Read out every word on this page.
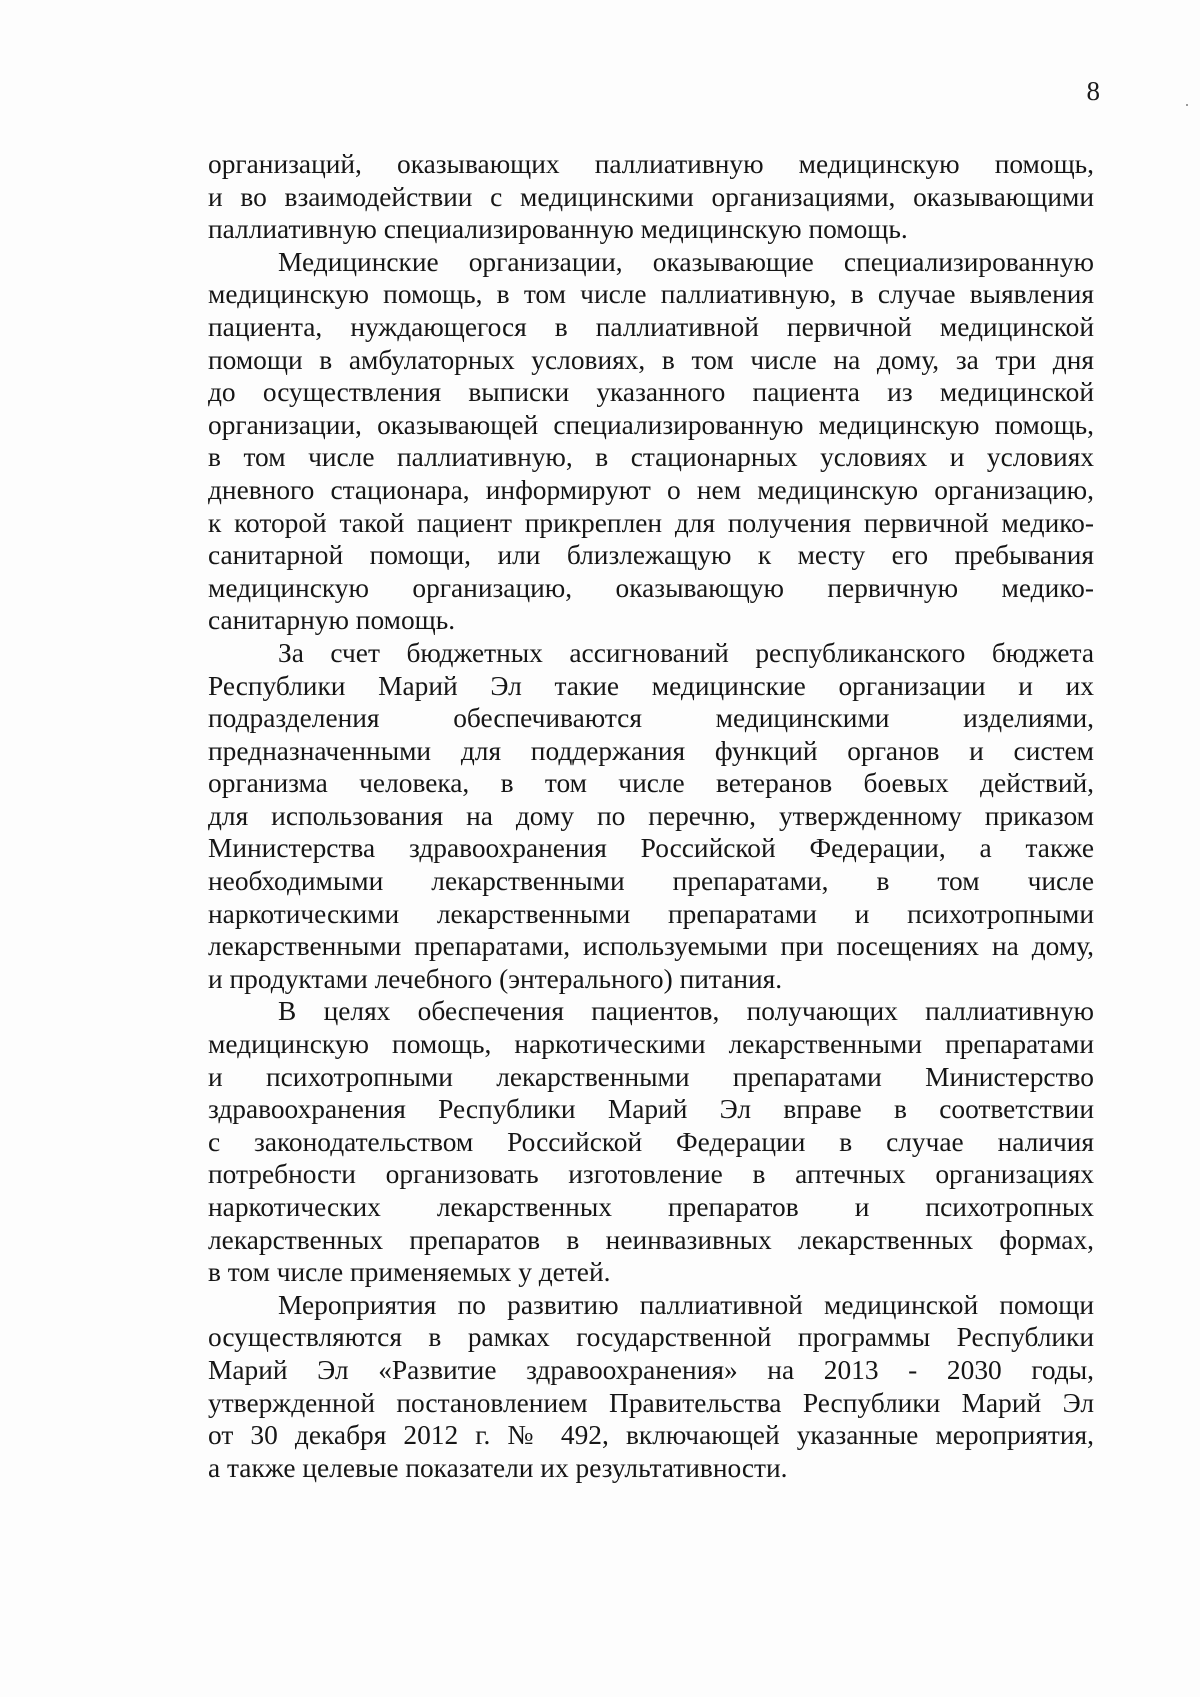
8
организаций, оказывающих паллиативную медицинскую помощь,
и во взаимодействии с медицинскими организациями, оказывающими
паллиативную специализированную медицинскую помощь.
Медицинские организации, оказывающие специализированную
медицинскую помощь, в том числе паллиативную, в случае выявления
пациента, нуждающегося в паллиативной первичной медицинской
помощи в амбулаторных условиях, в том числе на дому, за три дня
до осуществления выписки указанного пациента из медицинской
организации, оказывающей специализированную медицинскую помощь,
в том числе паллиативную, в стационарных условиях и условиях
дневного стационара, информируют о нем медицинскую организацию,
к которой такой пациент прикреплен для получения первичной медико-
санитарной помощи, или близлежащую к месту его пребывания
медицинскую организацию, оказывающую первичную медико-
санитарную помощь.
За счет бюджетных ассигнований республиканского бюджета
Республики Марий Эл такие медицинские организации и их
подразделения обеспечиваются медицинскими изделиями,
предназначенными для поддержания функций органов и систем
организма человека, в том числе ветеранов боевых действий,
для использования на дому по перечню, утвержденному приказом
Министерства здравоохранения Российской Федерации, а также
необходимыми лекарственными препаратами, в том числе
наркотическими лекарственными препаратами и психотропными
лекарственными препаратами, используемыми при посещениях на дому,
и продуктами лечебного (энтерального) питания.
В целях обеспечения пациентов, получающих паллиативную
медицинскую помощь, наркотическими лекарственными препаратами
и психотропными лекарственными препаратами Министерство
здравоохранения Республики Марий Эл вправе в соответствии
с законодательством Российской Федерации в случае наличия
потребности организовать изготовление в аптечных организациях
наркотических лекарственных препаратов и психотропных
лекарственных препаратов в неинвазивных лекарственных формах,
в том числе применяемых у детей.
Мероприятия по развитию паллиативной медицинской помощи
осуществляются в рамках государственной программы Республики
Марий Эл «Развитие здравоохранения» на 2013 - 2030 годы,
утвержденной постановлением Правительства Республики Марий Эл
от 30 декабря 2012 г. № 492, включающей указанные мероприятия,
а также целевые показатели их результативности.
